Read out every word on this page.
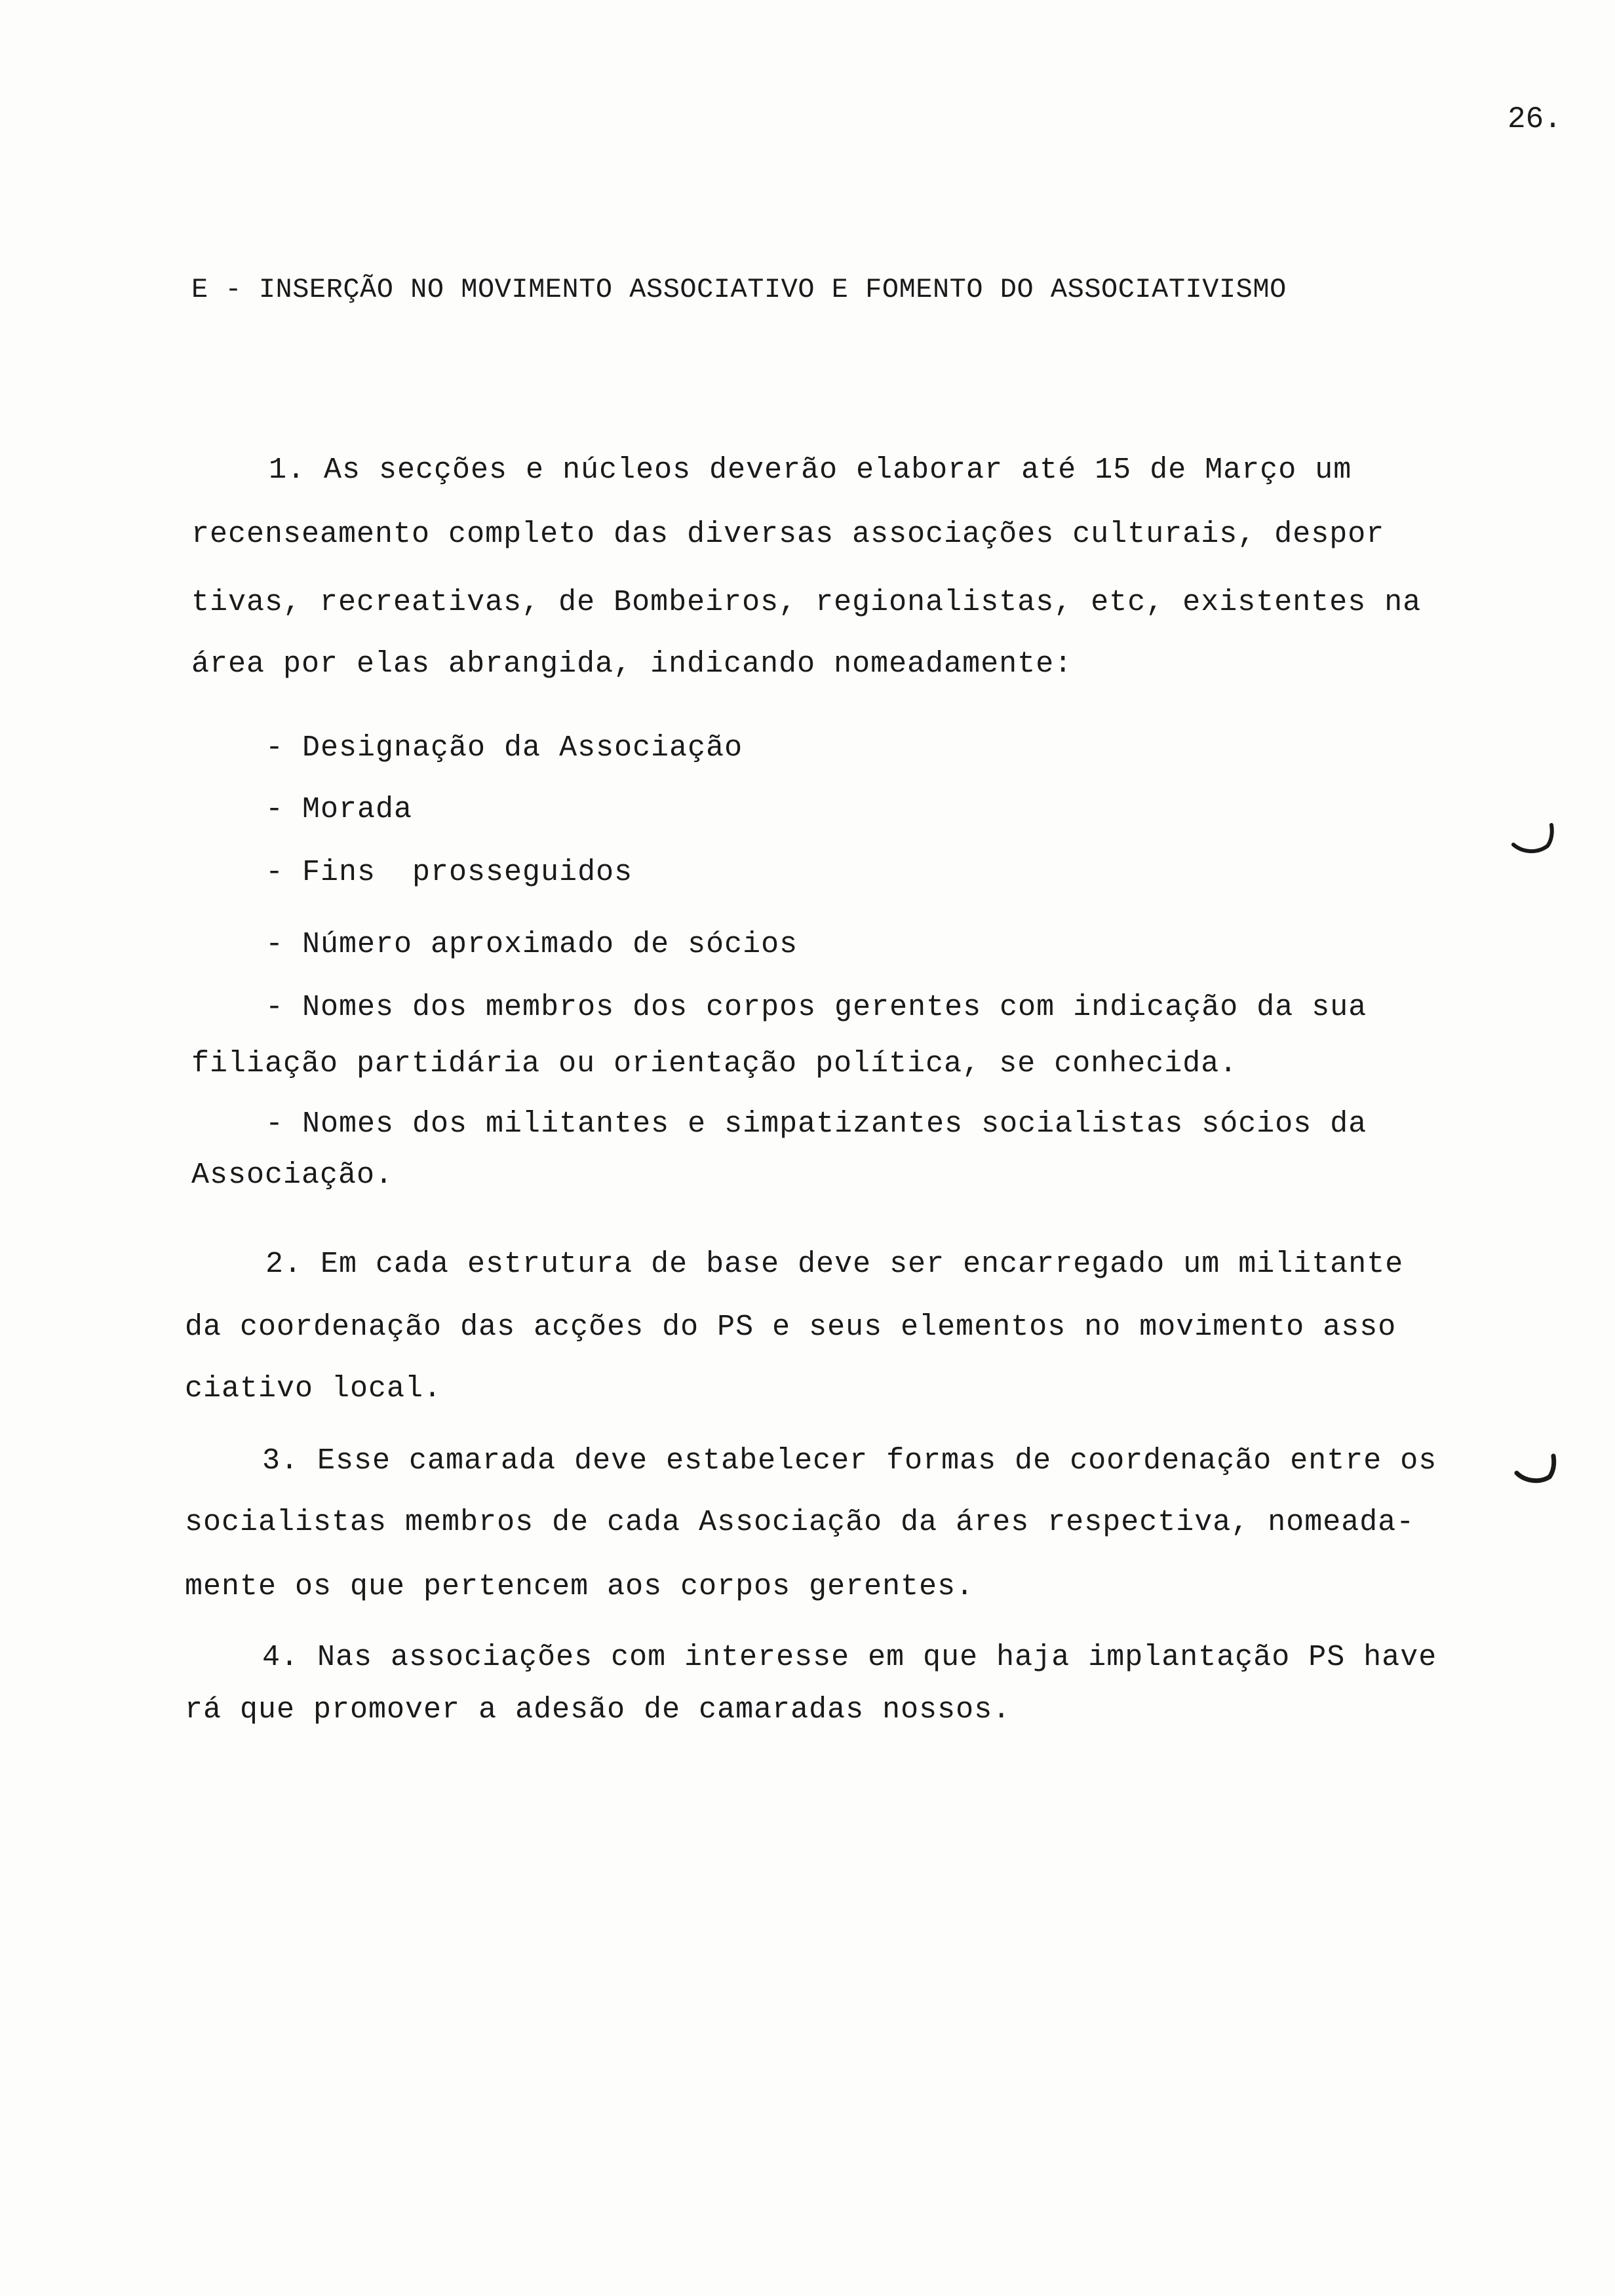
26.
E - INSERÇÃO NO MOVIMENTO ASSOCIATIVO E FOMENTO DO ASSOCIATIVISMO
1. As secções e núcleos deverão elaborar até 15 de Março um
recenseamento completo das diversas associações culturais, despor
tivas, recreativas, de Bombeiros, regionalistas, etc, existentes na
área por elas abrangida, indicando nomeadamente:
- Designação da Associação
- Morada
- Fins  prosseguidos
- Número aproximado de sócios
- Nomes dos membros dos corpos gerentes com indicação da sua
filiação partidária ou orientação política, se conhecida.
- Nomes dos militantes e simpatizantes socialistas sócios da
Associação.
2. Em cada estrutura de base deve ser encarregado um militante
da coordenação das acções do PS e seus elementos no movimento asso
ciativo local.
3. Esse camarada deve estabelecer formas de coordenação entre os
socialistas membros de cada Associação da áres respectiva, nomeada-
mente os que pertencem aos corpos gerentes.
4. Nas associações com interesse em que haja implantação PS have
rá que promover a adesão de camaradas nossos.
